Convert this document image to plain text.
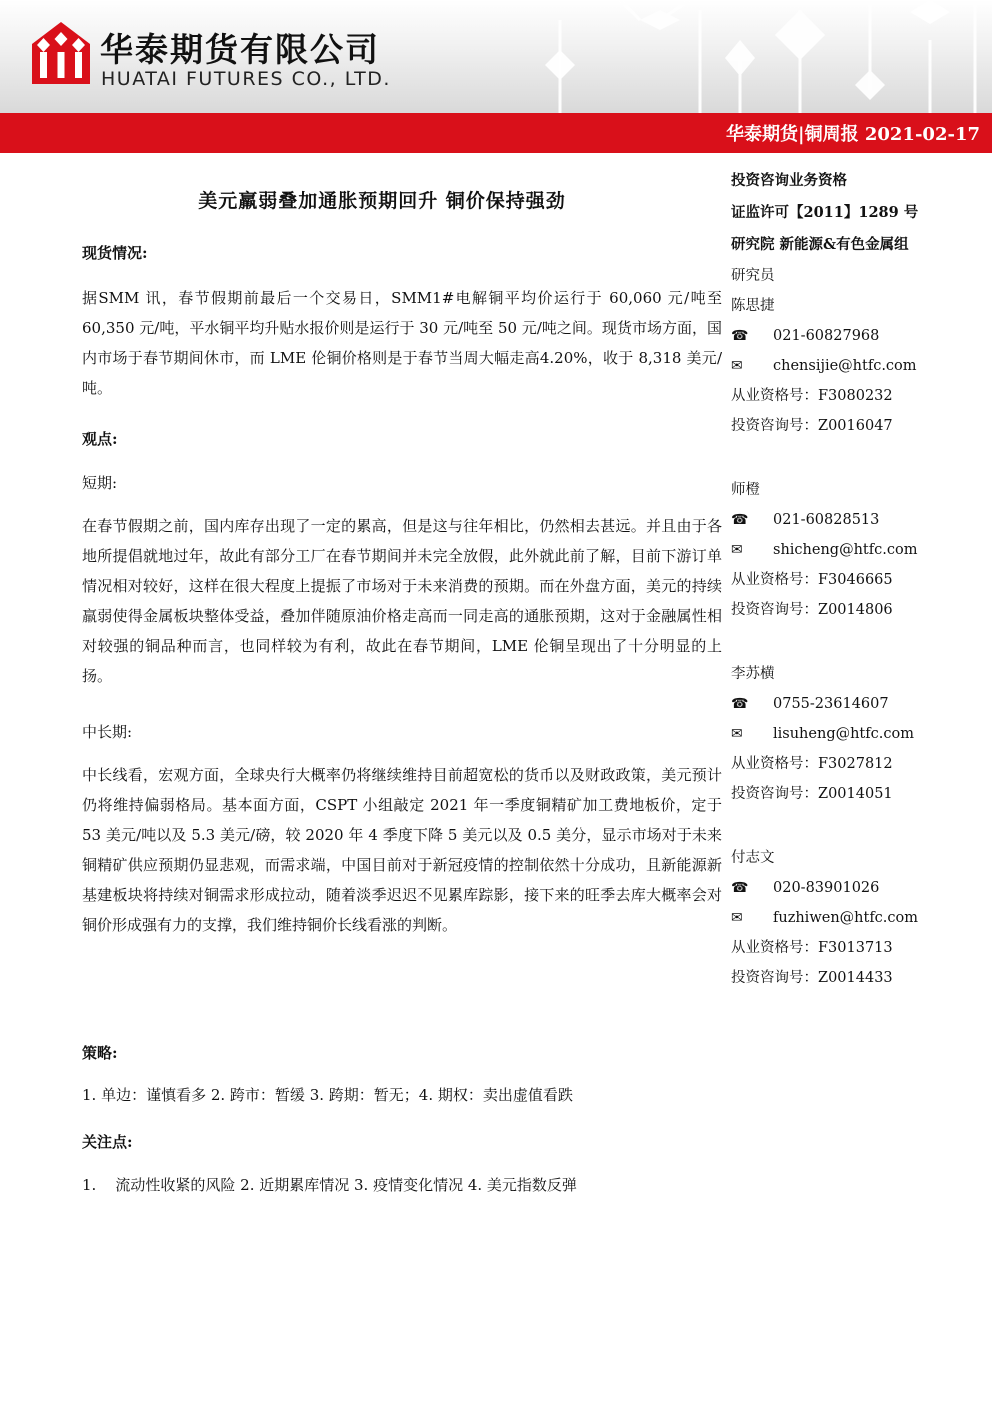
华泰期货有限公司
HUATAI FUTURES CO., LTD.
华泰期货|铜周报 2021-02-17
美元羸弱叠加通胀预期回升 铜价保持强劲
现货情况:

据SMM 讯，春节假期前最后一个交易日，SMM1#电解铜平均价运行于 60,060 元/吨至 60,350 元/吨，平水铜平均升贴水报价则是运行于 30 元/吨至 50 元/吨之间。现货市场方面，国内市场于春节期间休市，而 LME 伦铜价格则是于春节当周大幅走高4.20%，收于 8,318 美元/吨。

观点:
短期:

在春节假期之前，国内库存出现了一定的累高，但是这与往年相比，仍然相去甚远。并且由于各地所提倡就地过年，故此有部分工厂在春节期间并未完全放假，此外就此前了解，目前下游订单情况相对较好，这样在很大程度上提振了市场对于未来消费的预期。而在外盘方面，美元的持续羸弱使得金属板块整体受益，叠加伴随原油价格走高而一同走高的通胀预期，这对于金融属性相对较强的铜品种而言，也同样较为有利，故此在春节期间，LME 伦铜呈现出了十分明显的上扬。

中长期:

中长线看，宏观方面，全球央行大概率仍将继续维持目前超宽松的货币以及财政政策，美元预计仍将维持偏弱格局。基本面方面，CSPT 小组敲定 2021 年一季度铜精矿加工费地板价，定于 53 美元/吨以及 5.3 美元/磅，较 2020 年 4 季度下降 5 美元以及 0.5 美分，显示市场对于未来铜精矿供应预期仍显悲观，而需求端，中国目前对于新冠疫情的控制依然十分成功，且新能源新基建板块将持续对铜需求形成拉动，随着淡季迟迟不见累库踪影，接下来的旺季去库大概率会对铜价形成强有力的支撑，我们维持铜价长线看涨的判断。

策略:
1. 单边：谨慎看多 2. 跨市：暂缓 3. 跨期：暂无；4. 期权：卖出虚值看跌
关注点:
1.    流动性收紧的风险 2. 近期累库情况 3. 疫情变化情况 4. 美元指数反弹
投资咨询业务资格
证监许可【2011】1289 号
研究院 新能源&有色金属组
研究员
陈思捷
☎ 021-60827968
✉ chensijie@htfc.com
从业资格号：F3080232
投资咨询号：Z0016047
师橙
☎ 021-60828513
✉ shicheng@htfc.com
从业资格号：F3046665
投资咨询号：Z0014806
李苏横
☎ 0755-23614607
✉ lisuheng@htfc.com
从业资格号：F3027812
投资咨询号：Z0014051
付志文
☎ 020-83901026
✉ fuzhiwen@htfc.com
从业资格号：F3013713
投资咨询号：Z0014433
